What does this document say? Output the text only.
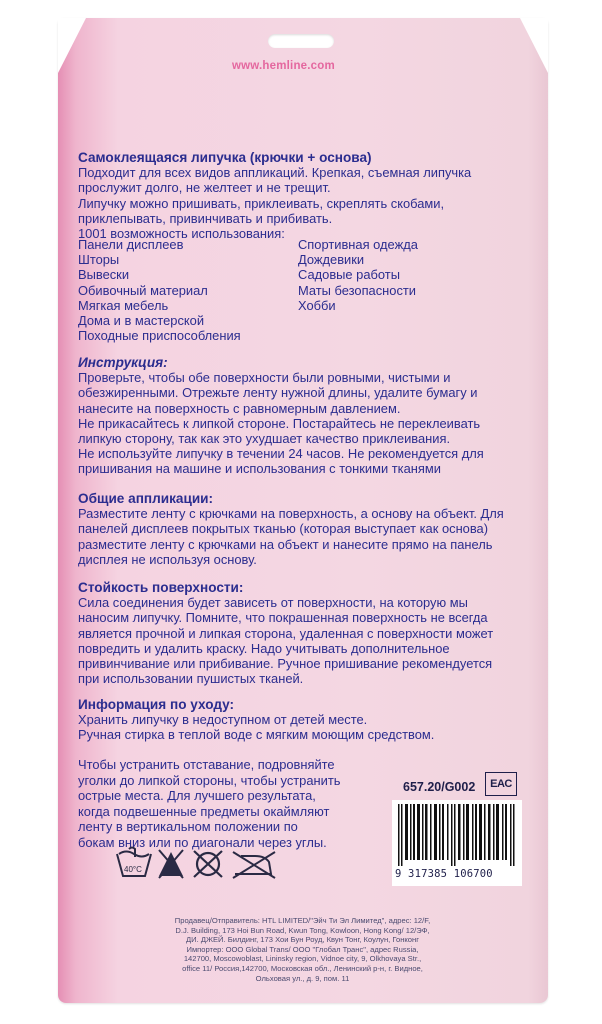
www.hemline.com
Самоклеящаяся липучка (крючки + основа)
Подходит для всех видов аппликаций. Крепкая, съемная липучка
прослужит долго, не желтеет и не трещит.
Липучку можно пришивать, приклеивать, скреплять скобами,
приклепывать, привинчивать и прибивать.
1001 возможность использования:
Панели дисплеев
Шторы
Вывески
Обивочный материал
Мягкая мебель
Дома и в мастерской
Походные приспособления
Спортивная одежда
Дождевики
Садовые работы
Маты безопасности
Хобби
Инструкция:
Проверьте, чтобы обе поверхности были ровными, чистыми и
обезжиренными. Отрежьте ленту нужной длины, удалите бумагу и
нанесите на поверхность с равномерным давлением.
Не прикасайтесь к липкой стороне. Постарайтесь не переклеивать
липкую сторону, так как это ухудшает качество приклеивания.
Не используйте липучку в течении 24 часов. Не рекомендуется для
пришивания на машине и использования с тонкими тканями
Общие аппликации:
Разместите ленту с крючками на поверхность, а основу на объект. Для
панелей дисплеев покрытых тканью (которая выступает как основа)
разместите ленту с крючками на объект и нанесите прямо на панель
дисплея не используя основу.
Стойкость поверхности:
Сила соединения будет зависеть от поверхности, на которую мы
наносим липучку. Помните, что покрашенная поверхность не всегда
является прочной и липкая сторона, удаленная с поверхности может
повредить и удалить краску. Надо учитывать дополнительное
привинчивание или прибивание. Ручное пришивание рекомендуется
при использовании пушистых тканей.
Информация по уходу:
Хранить липучку в недоступном от детей месте.
Ручная стирка в теплой воде с мягким моющим средством.
Чтобы устранить отставание, подровняйте
уголки до липкой стороны, чтобы устранить
острые места. Для лучшего результата,
когда подвешенные предметы окаймляют
ленту в вертикальном положении по
бокам вниз или по диагонали через углы.
657.20/G002	EAC
9 317385 106700
40°C
Продавец/Отправитель: HTL LIMITED/"Эйч Ти Эл Лимитед", адрес: 12/F,
D.J. Building, 173 Hoi Bun Road, Kwun Tong, Kowloon, Hong Kong/ 12/ЭФ,
ДИ. ДЖЕЙ. Билдинг, 173 Хои Бун Роуд, Квун Тонг, Коулун, Гонконг
Импортер: ООО Global Trans/ ООО "Глобал Транс", адрес Russia,
142700, Moscowoblast, Lininsky region, Vidnoe city, 9, Olkhovaya Str.,
office 11/ Россия,142700, Московская обл., Ленинский р-н, г. Видное,
Ольховая ул., д. 9, пом. 11
